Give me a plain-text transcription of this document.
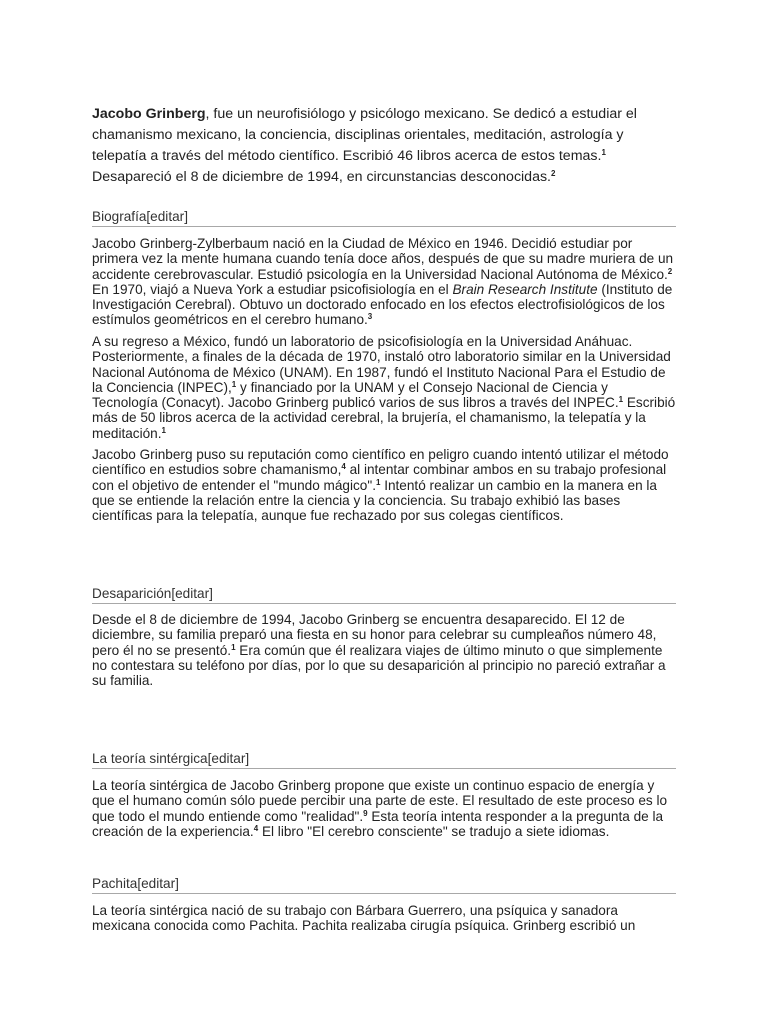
Jacobo Grinberg, fue un neurofisiólogo y psicólogo mexicano. Se dedicó a estudiar el chamanismo mexicano, la conciencia, disciplinas orientales, meditación, astrología y telepatía a través del método científico. Escribió 46 libros acerca de estos temas.$^1$ Desapareció el 8 de diciembre de 1994, en circunstancias desconocidas.$^2$

Biografía[editar]

Jacobo Grinberg-Zylberbaum nació en la Ciudad de México en 1946. Decidió estudiar por primera vez la mente humana cuando tenía doce años, después de que su madre muriera de un accidente cerebrovascular. Estudió psicología en la Universidad Nacional Autónoma de México.$^2$ En 1970, viajó a Nueva York a estudiar psicofisiología en el Brain Research Institute (Instituto de Investigación Cerebral). Obtuvo un doctorado enfocado en los efectos electrofisiológicos de los estímulos geométricos en el cerebro humano.$^3$

A su regreso a México, fundó un laboratorio de psicofisiología en la Universidad Anáhuac. Posteriormente, a finales de la década de 1970, instaló otro laboratorio similar en la Universidad Nacional Autónoma de México (UNAM). En 1987, fundó el Instituto Nacional Para el Estudio de la Conciencia (INPEC),$^1$ y financiado por la UNAM y el Consejo Nacional de Ciencia y Tecnología (Conacyt). Jacobo Grinberg publicó varios de sus libros a través del INPEC.$^1$ Escribió más de 50 libros acerca de la actividad cerebral, la brujería, el chamanismo, la telepatía y la meditación.$^1$

Jacobo Grinberg puso su reputación como científico en peligro cuando intentó utilizar el método científico en estudios sobre chamanismo,$^4$ al intentar combinar ambos en su trabajo profesional con el objetivo de entender el "mundo mágico".$^1$ Intentó realizar un cambio en la manera en la que se entiende la relación entre la ciencia y la conciencia. Su trabajo exhibió las bases científicas para la telepatía, aunque fue rechazado por sus colegas científicos.

Desaparición[editar]

Desde el 8 de diciembre de 1994, Jacobo Grinberg se encuentra desaparecido. El 12 de diciembre, su familia preparó una fiesta en su honor para celebrar su cumpleaños número 48, pero él no se presentó.$^1$ Era común que él realizara viajes de último minuto o que simplemente no contestara su teléfono por días, por lo que su desaparición al principio no pareció extrañar a su familia.

La teoría sintérgica[editar]

La teoría sintérgica de Jacobo Grinberg propone que existe un continuo espacio de energía y que el humano común sólo puede percibir una parte de este. El resultado de este proceso es lo que todo el mundo entiende como "realidad".$^9$ Esta teoría intenta responder a la pregunta de la creación de la experiencia.$^4$ El libro "El cerebro consciente" se tradujo a siete idiomas.

Pachita[editar]

La teoría sintérgica nació de su trabajo con Bárbara Guerrero, una psíquica y sanadora mexicana conocida como Pachita. Pachita realizaba cirugía psíquica. Grinberg escribió un
